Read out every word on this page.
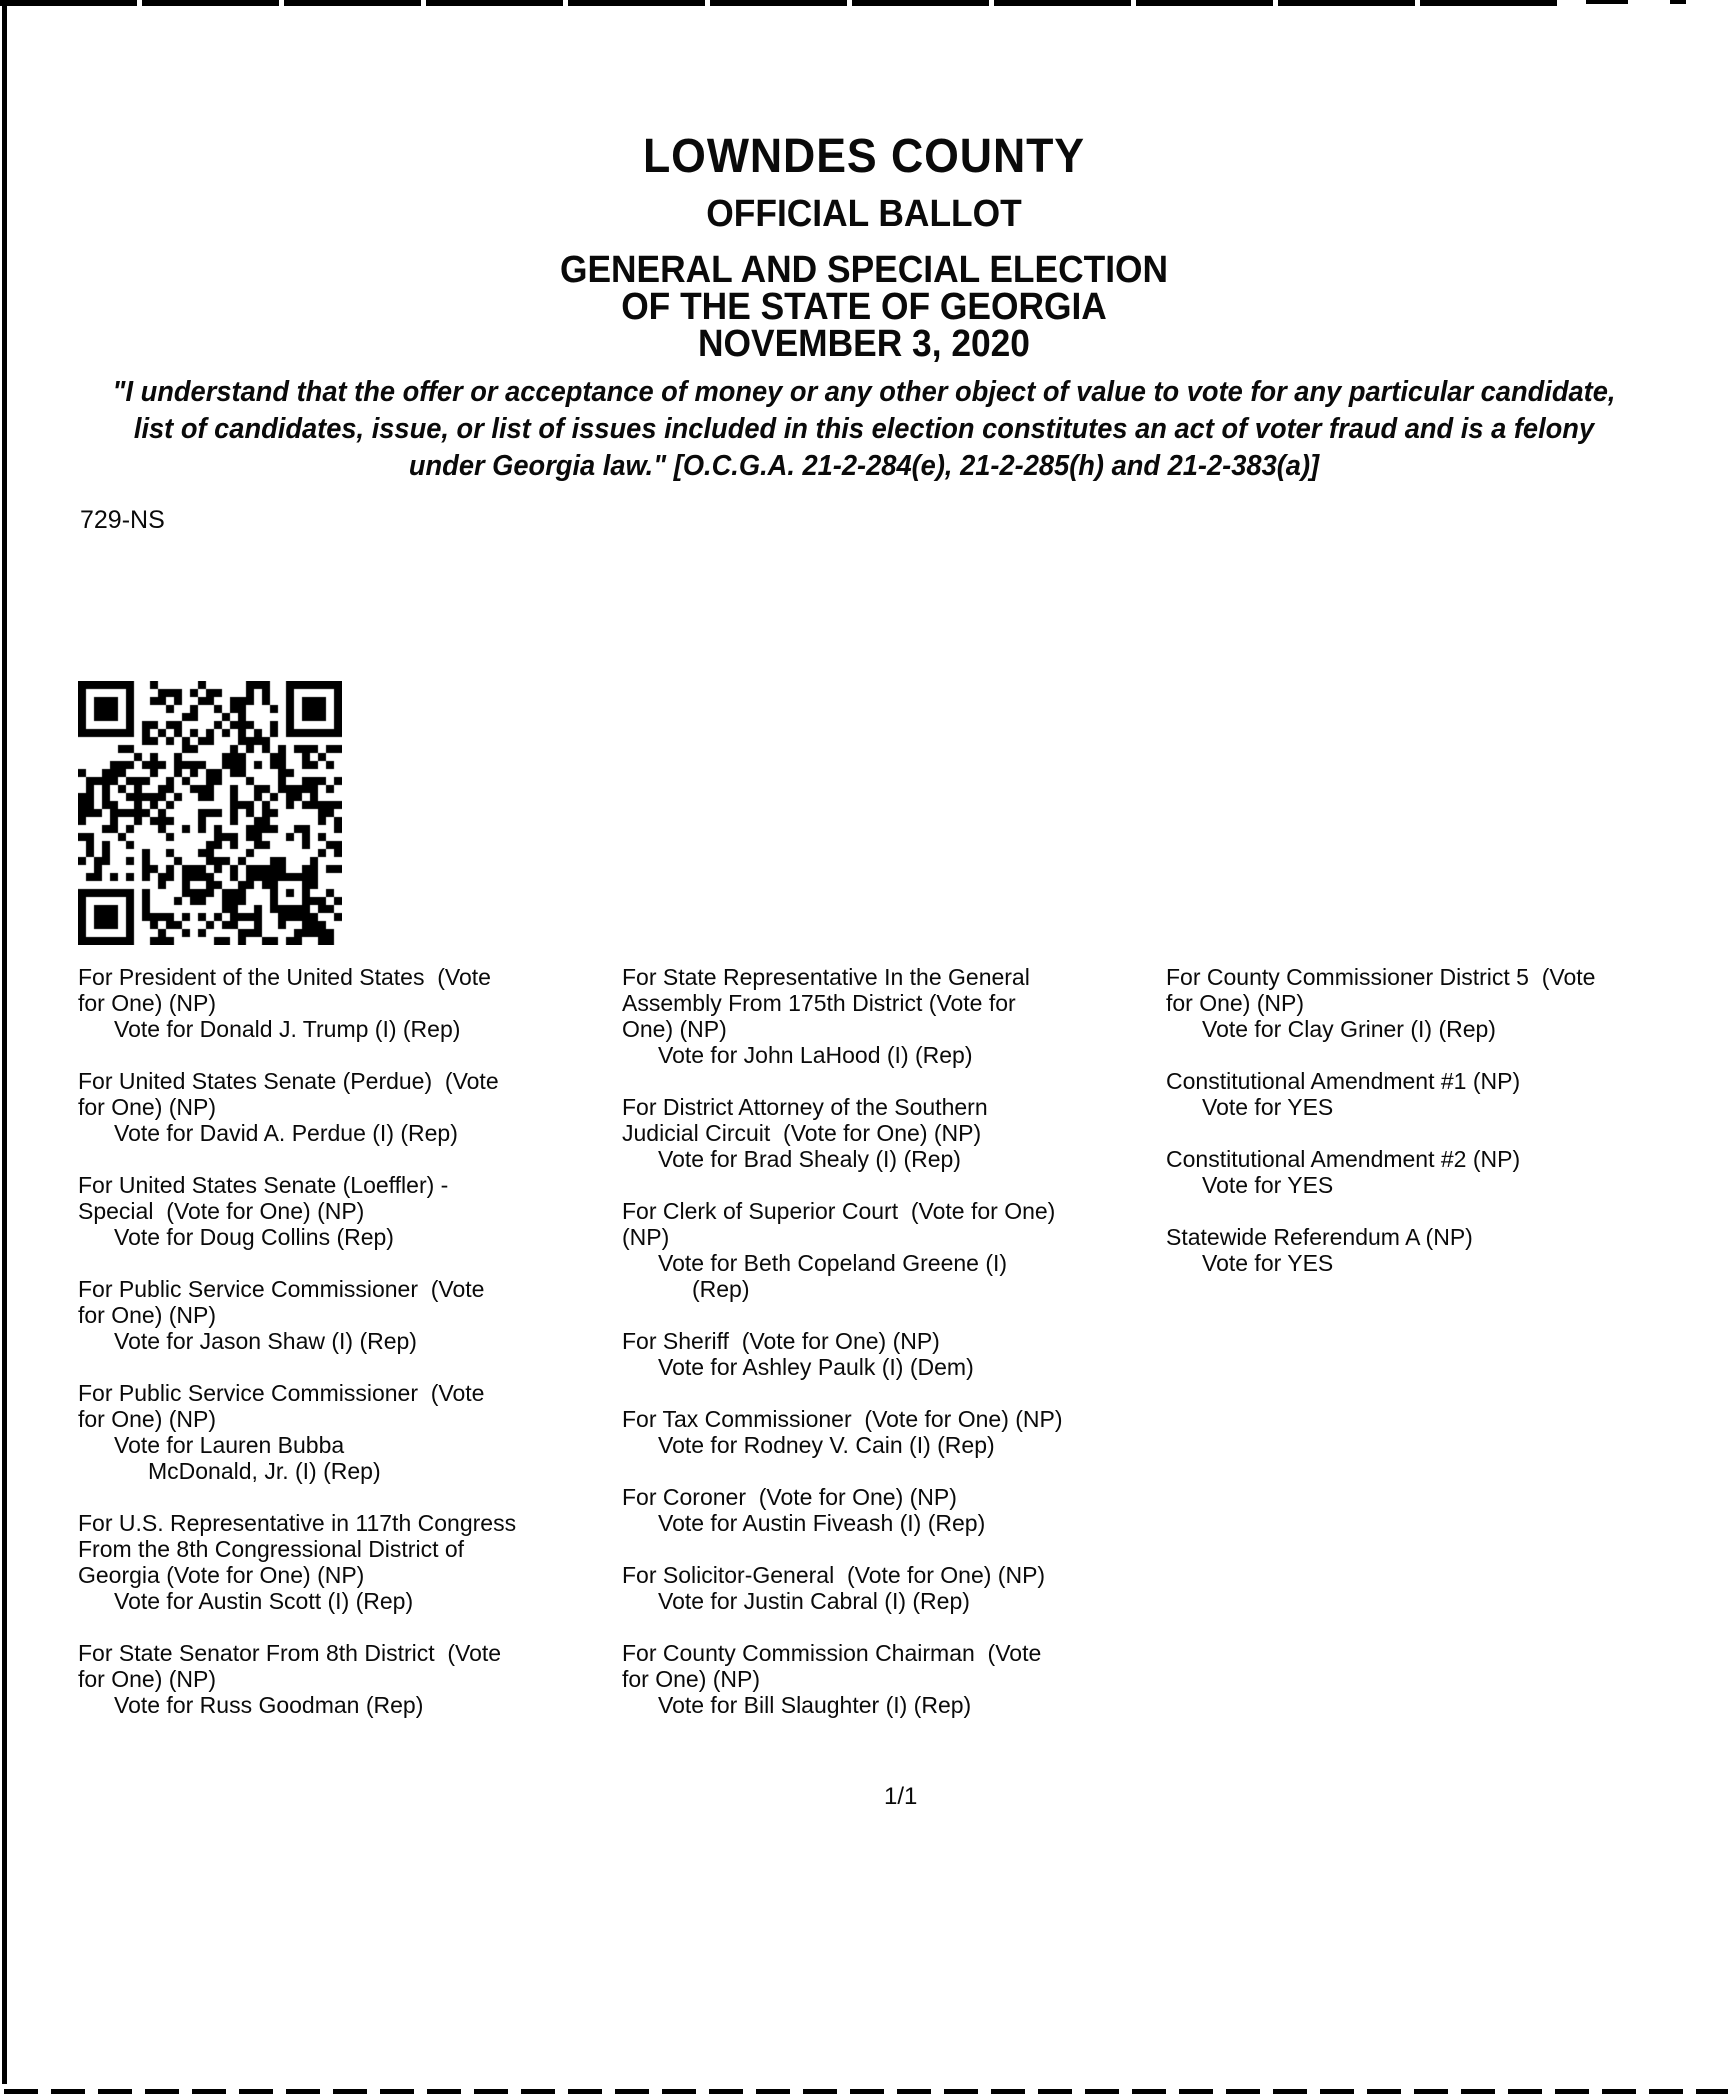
LOWNDES COUNTY
OFFICIAL BALLOT
GENERAL AND SPECIAL ELECTION
OF THE STATE OF GEORGIA
NOVEMBER 3, 2020
"I understand that the offer or acceptance of money or any other object of value to vote for any particular candidate,
list of candidates, issue, or list of issues included in this election constitutes an act of voter fraud and is a felony
under Georgia law." [O.C.G.A. 21-2-284(e), 21-2-285(h) and 21-2-383(a)]
729-NS
For President of the United States  (Vote
for One) (NP)
Vote for Donald J. Trump (I) (Rep)
For United States Senate (Perdue)  (Vote
for One) (NP)
Vote for David A. Perdue (I) (Rep)
For United States Senate (Loeffler) -
Special  (Vote for One) (NP)
Vote for Doug Collins (Rep)
For Public Service Commissioner  (Vote
for One) (NP)
Vote for Jason Shaw (I) (Rep)
For Public Service Commissioner  (Vote
for One) (NP)
Vote for Lauren Bubba
McDonald, Jr. (I) (Rep)
For U.S. Representative in 117th Congress
From the 8th Congressional District of
Georgia (Vote for One) (NP)
Vote for Austin Scott (I) (Rep)
For State Senator From 8th District  (Vote
for One) (NP)
Vote for Russ Goodman (Rep)
For State Representative In the General
Assembly From 175th District (Vote for
One) (NP)
Vote for John LaHood (I) (Rep)
For District Attorney of the Southern
Judicial Circuit  (Vote for One) (NP)
Vote for Brad Shealy (I) (Rep)
For Clerk of Superior Court  (Vote for One)
(NP)
Vote for Beth Copeland Greene (I)
(Rep)
For Sheriff  (Vote for One) (NP)
Vote for Ashley Paulk (I) (Dem)
For Tax Commissioner  (Vote for One) (NP)
Vote for Rodney V. Cain (I) (Rep)
For Coroner  (Vote for One) (NP)
Vote for Austin Fiveash (I) (Rep)
For Solicitor-General  (Vote for One) (NP)
Vote for Justin Cabral (I) (Rep)
For County Commission Chairman  (Vote
for One) (NP)
Vote for Bill Slaughter (I) (Rep)
For County Commissioner District 5  (Vote
for One) (NP)
Vote for Clay Griner (I) (Rep)
Constitutional Amendment #1 (NP)
Vote for YES
Constitutional Amendment #2 (NP)
Vote for YES
Statewide Referendum A (NP)
Vote for YES
1/1
